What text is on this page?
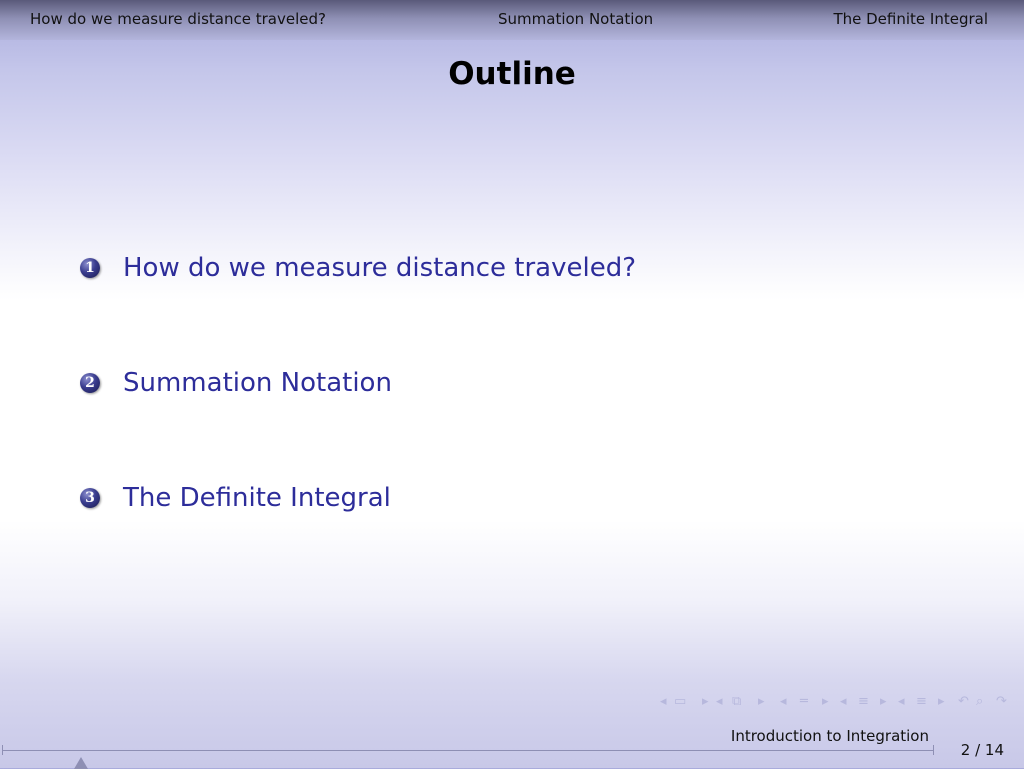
How do we measure distance traveled?	Summation Notation	The Definite Integral
Outline
1 How do we measure distance traveled?
2 Summation Notation
3 The Definite Integral
◂ ▭ ▸ ◂ ⧉ ▸ ◂ ═ ▸ ◂ ≡ ▸ ◂ ≡ ▸ ↶ ⌕ ↷
Introduction to Integration
2 / 14
